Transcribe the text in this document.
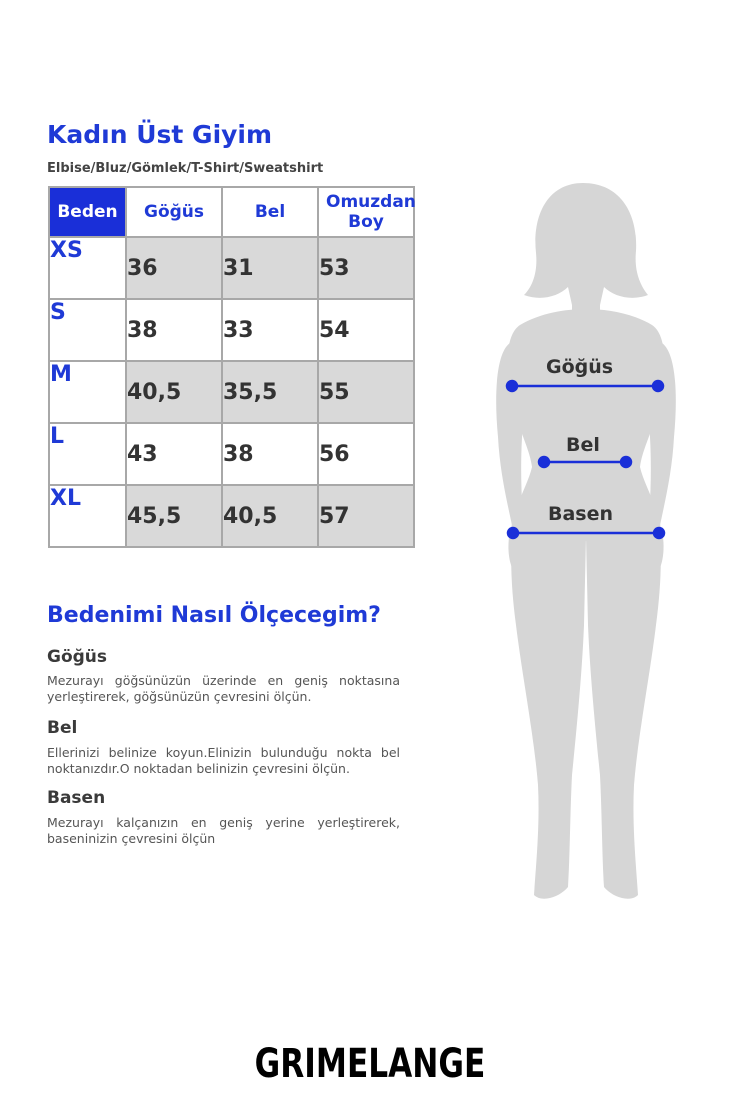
Kadın Üst Giyim
Elbise/Bluz/Gömlek/T-Shirt/Sweatshirt
Beden	Göğüs	Bel	Omuzdan Boy
XS	36	31	53
S	38	33	54
M	40,5	35,5	55
L	43	38	56
XL	45,5	40,5	57
Bedenimi Nasıl Ölçecegim?
Göğüs
Mezurayı göğsünüzün üzerinde en geniş noktasına yerleştirerek, göğsünüzün çevresini ölçün.
Bel
Ellerinizi belinize koyun.Elinizin bulunduğu nokta bel noktanızdır.O noktadan belinizin çevresini ölçün.
Basen
Mezurayı kalçanızın en geniş yerine yerleştirerek, baseninizin çevresini ölçün
Göğüs
Bel
Basen
GRIMELANGE
